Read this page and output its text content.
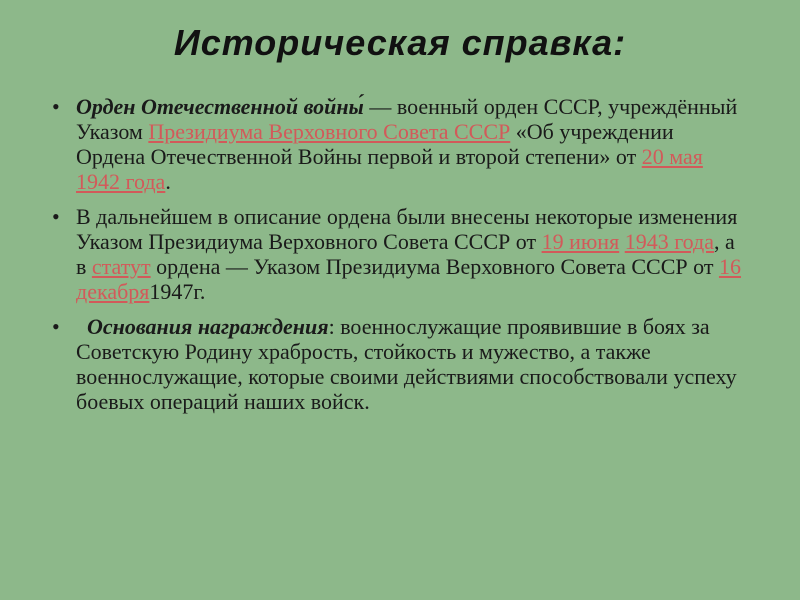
Историческая справка:
• Орден Отечественной войны́ — военный орден СССР, учреждённый Указом Президиума Верховного Совета СССР «Об учреждении Ордена Отечественной Войны первой и второй степени» от 20 мая 1942 года.
• В дальнейшем в описание ордена были внесены некоторые изменения Указом Президиума Верховного Совета СССР от 19 июня 1943 года, а в статут ордена — Указом Президиума Верховного Совета СССР от 16 декабря1947г.
• Основания награждения: военнослужащие проявившие в боях за Советскую Родину храбрость, стойкость и мужество, а также военнослужащие, которые своими действиями способствовали успеху боевых операций наших войск.
